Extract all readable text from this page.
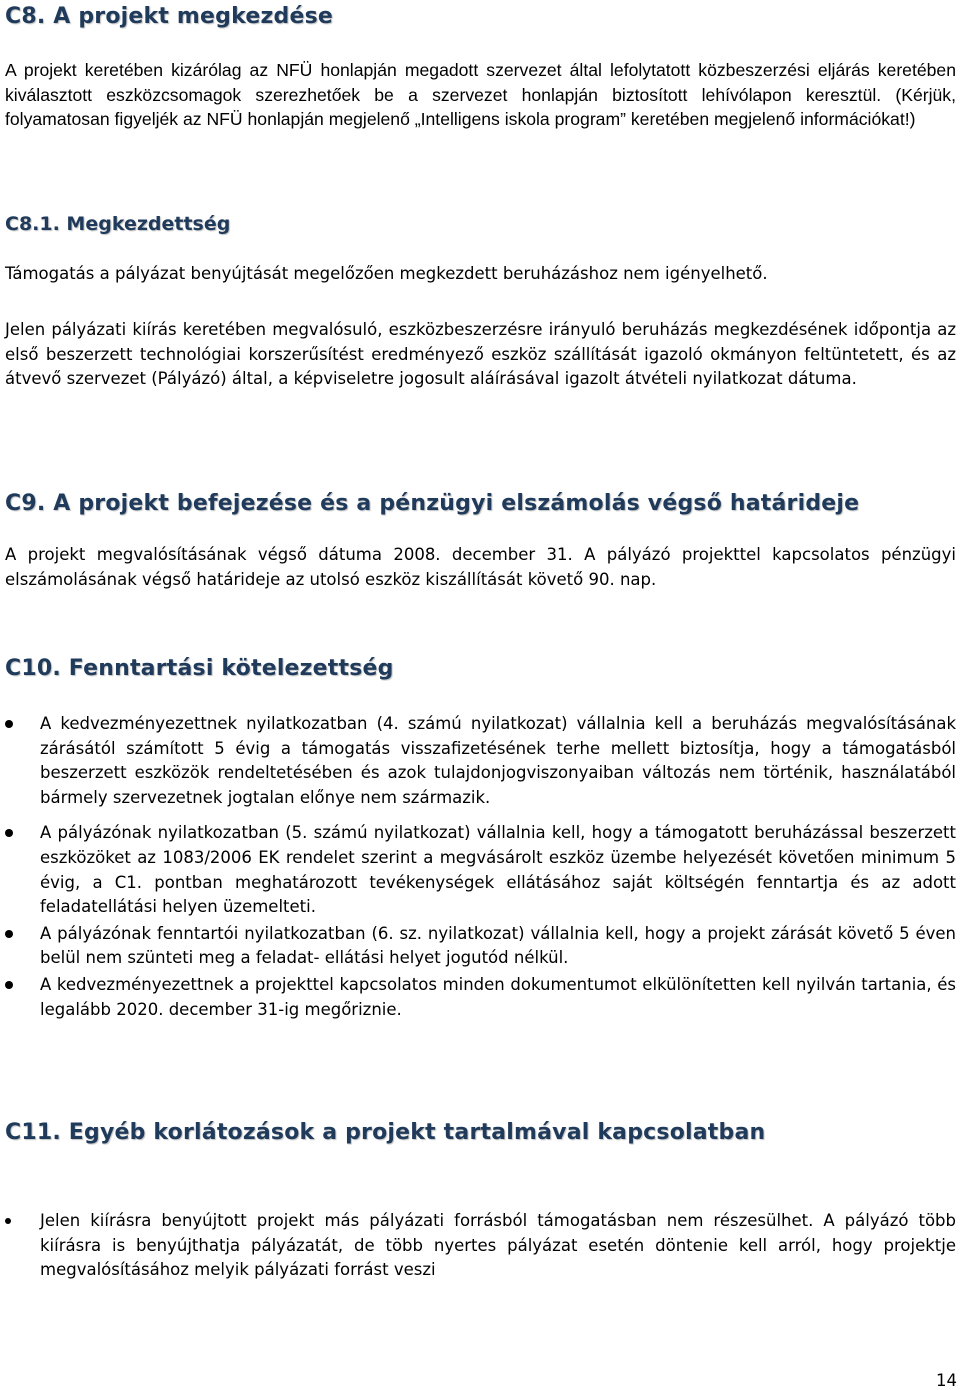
C8. A projekt megkezdése
A projekt keretében kizárólag az NFÜ honlapján megadott szervezet által lefolytatott közbeszerzési eljárás keretében kiválasztott eszközcsomagok szerezhetőek be a szervezet honlapján biztosított lehívólapon keresztül. (Kérjük, folyamatosan figyeljék az NFÜ honlapján megjelenő „Intelligens iskola program” keretében megjelenő információkat!)
C8.1. Megkezdettség
Támogatás a pályázat benyújtását megelőzően megkezdett beruházáshoz nem igényelhető.
Jelen pályázati kiírás keretében megvalósuló, eszközbeszerzésre irányuló beruházás megkezdésének időpontja az első beszerzett technológiai korszerűsítést eredményező eszköz szállítását igazoló okmányon feltüntetett, és az átvevő szervezet (Pályázó) által, a képviseletre jogosult aláírásával igazolt átvételi nyilatkozat dátuma.
C9. A projekt befejezése és a pénzügyi elszámolás végső határideje
A projekt megvalósításának végső dátuma 2008. december 31. A pályázó projekttel kapcsolatos pénzügyi elszámolásának végső határideje az utolsó eszköz kiszállítását követő 90. nap.
C10. Fenntartási kötelezettség
A kedvezményezettnek nyilatkozatban (4. számú nyilatkozat) vállalnia kell a beruházás megvalósításának zárásától számított 5 évig a támogatás visszafizetésének terhe mellett biztosítja, hogy a támogatásból beszerzett eszközök rendeltetésében és azok tulajdonjogviszonyaiban változás nem történik, használatából bármely szervezetnek jogtalan előnye nem származik.
A pályázónak nyilatkozatban (5. számú nyilatkozat) vállalnia kell, hogy a támogatott beruházással beszerzett eszközöket az 1083/2006 EK rendelet szerint a megvásárolt eszköz üzembe helyezését követően minimum 5 évig, a C1. pontban meghatározott tevékenységek ellátásához saját költségén fenntartja és az adott feladatellátási helyen üzemelteti.
A pályázónak fenntartói nyilatkozatban (6. sz. nyilatkozat) vállalnia kell, hogy a projekt zárását követő 5 éven belül nem szünteti meg a feladat- ellátási helyet jogutód nélkül.
A kedvezményezettnek a projekttel kapcsolatos minden dokumentumot elkülönítetten kell nyilván tartania, és legalább 2020. december 31-ig megőriznie.
C11. Egyéb korlátozások a projekt tartalmával kapcsolatban
Jelen kiírásra benyújtott projekt más pályázati forrásból támogatásban nem részesülhet. A pályázó több kiírásra is benyújthatja pályázatát, de több nyertes pályázat esetén döntenie kell arról, hogy projektje megvalósításához melyik pályázati forrást veszi
14
